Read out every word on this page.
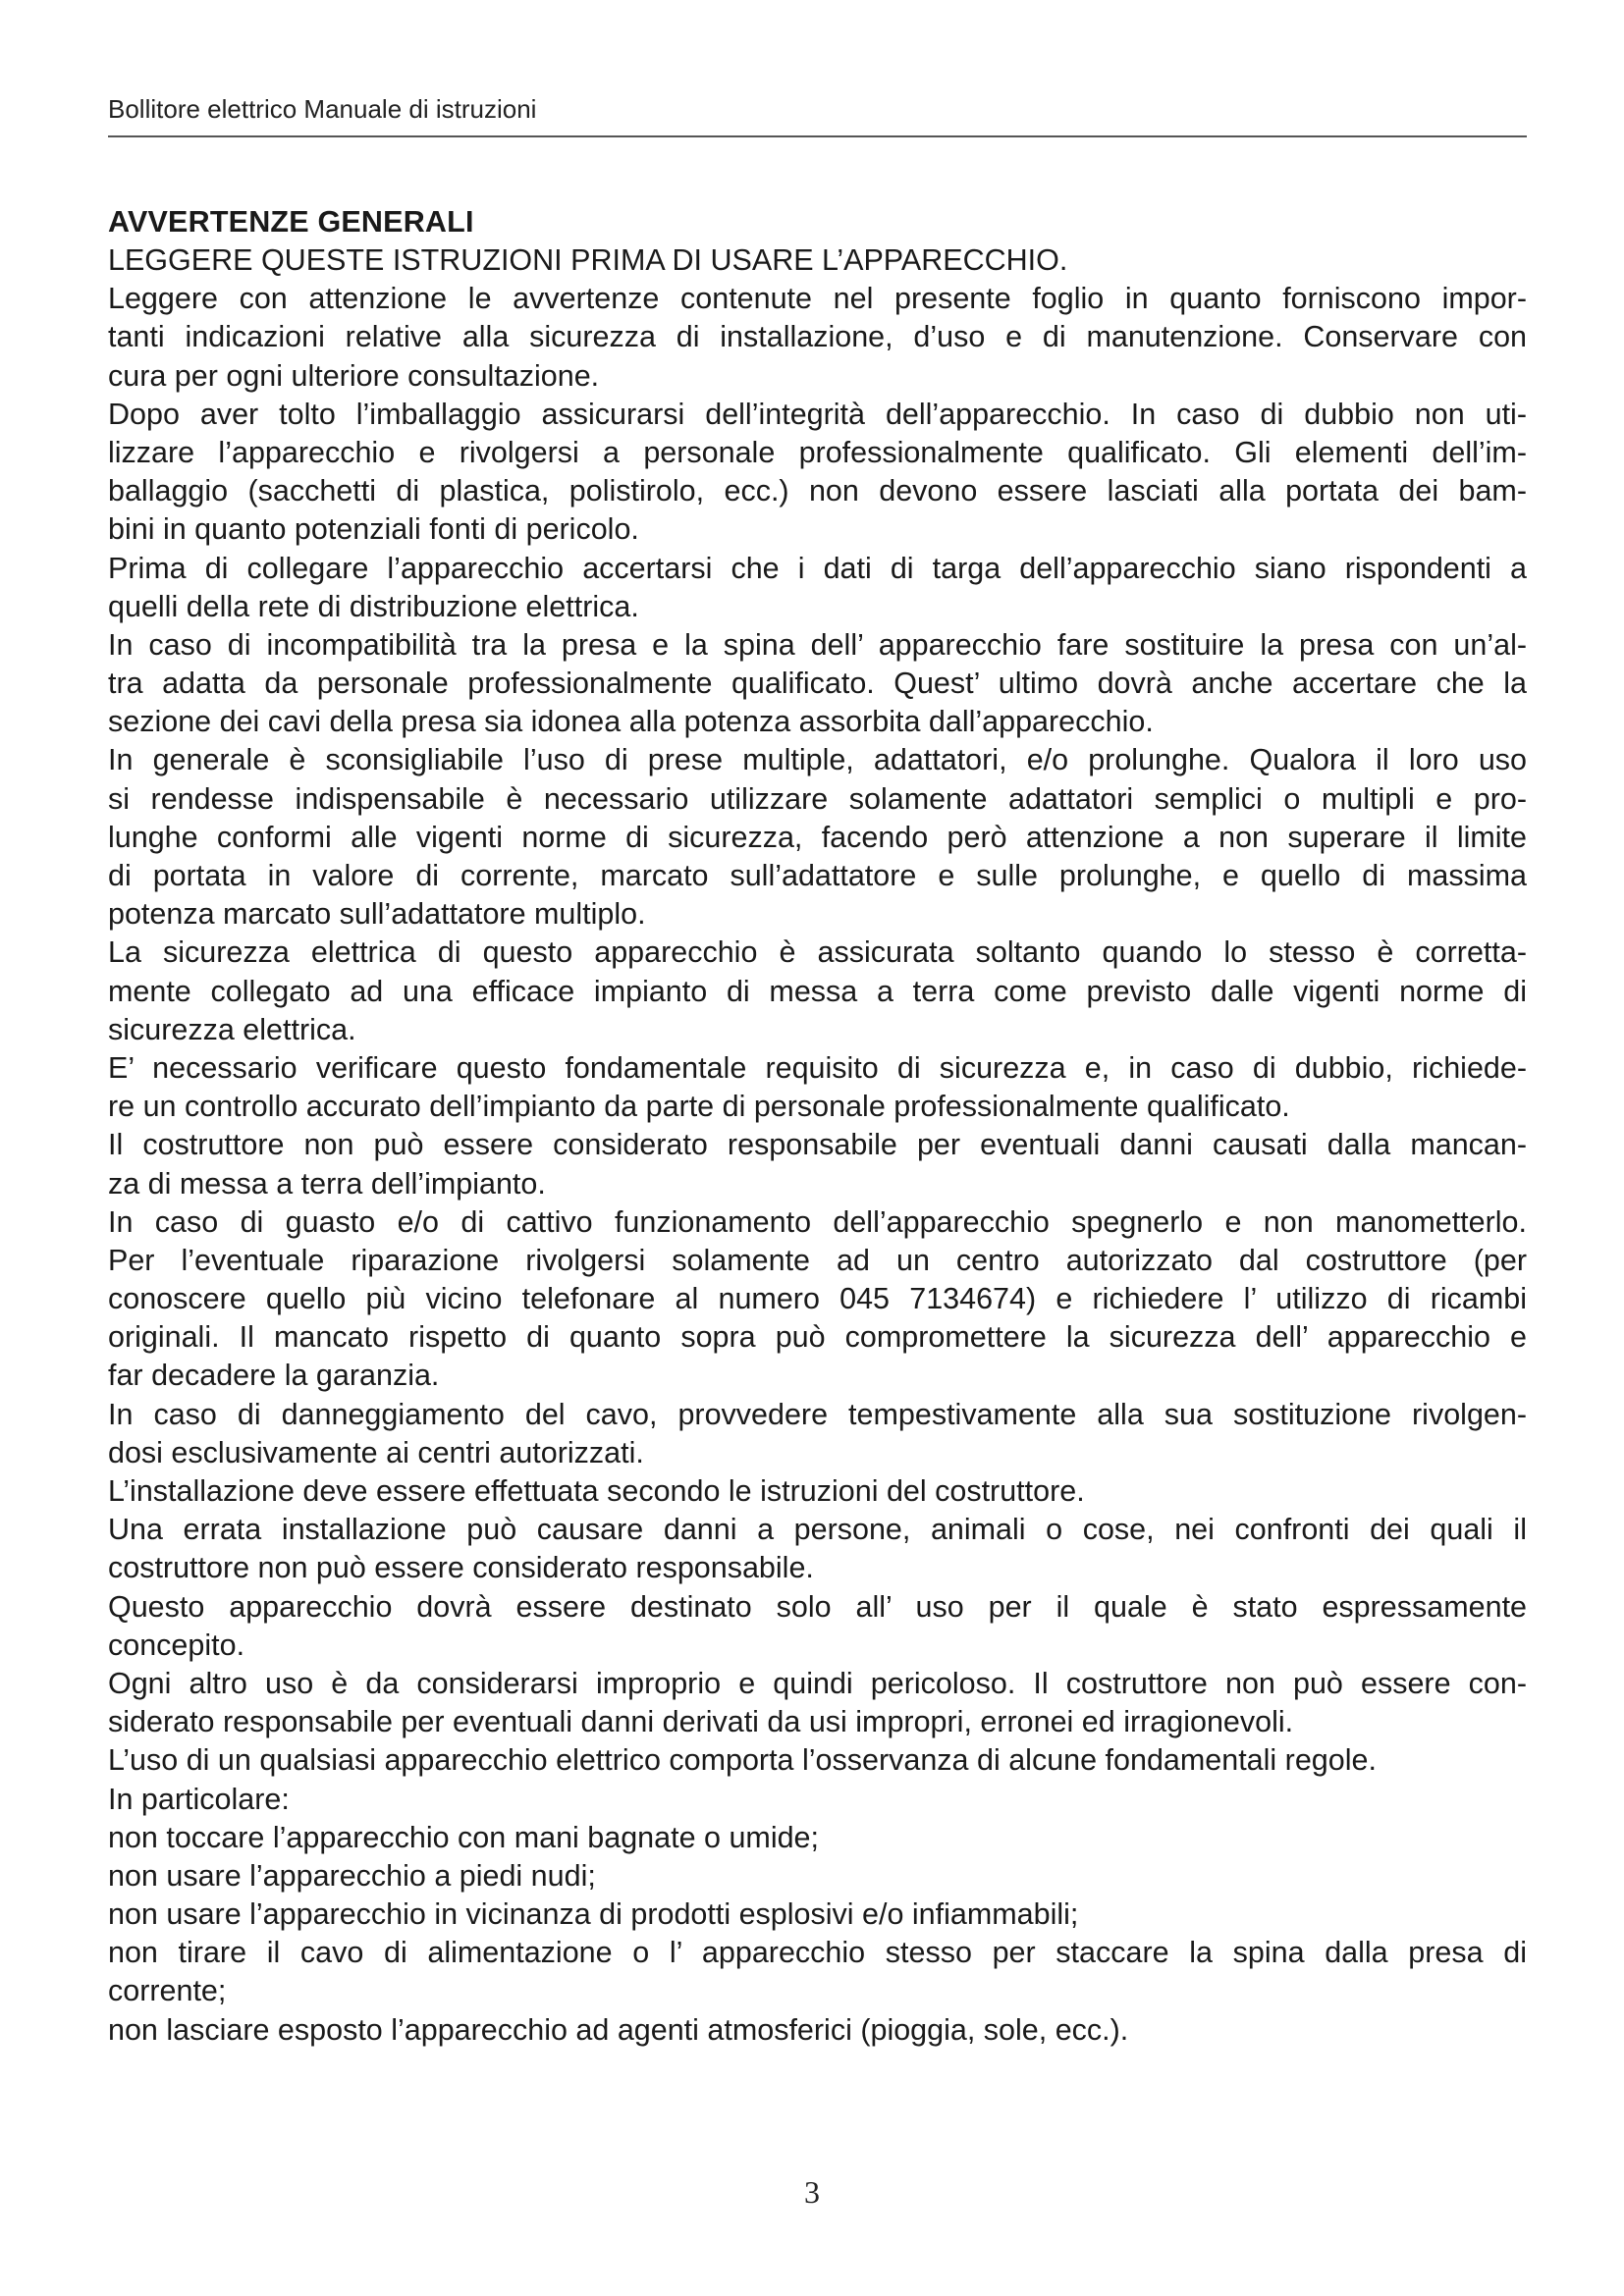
Bollitore elettrico Manuale di istruzioni
AVVERTENZE GENERALI
LEGGERE QUESTE ISTRUZIONI PRIMA DI USARE L’APPARECCHIO.
Leggere con attenzione le avvertenze contenute nel presente foglio in quanto forniscono impor-
tanti indicazioni relative alla sicurezza di installazione, d’uso e di manutenzione. Conservare con
cura per ogni ulteriore consultazione.
Dopo aver tolto l’imballaggio assicurarsi dell’integrità dell’apparecchio. In caso di dubbio non uti-
lizzare l’apparecchio e rivolgersi a personale professionalmente qualificato. Gli elementi dell’im-
ballaggio (sacchetti di plastica, polistirolo, ecc.) non devono essere lasciati alla portata dei bam-
bini in quanto potenziali fonti di pericolo.
Prima di collegare l’apparecchio accertarsi che i dati di targa dell’apparecchio siano rispondenti a
quelli della rete di distribuzione elettrica.
In caso di incompatibilità tra la presa e la spina dell’ apparecchio fare sostituire la presa con un’al-
tra adatta da personale professionalmente qualificato. Quest’ ultimo dovrà anche accertare che la
sezione dei cavi della presa sia idonea alla potenza assorbita dall’apparecchio.
In generale è sconsigliabile l’uso di prese multiple, adattatori, e/o prolunghe. Qualora il loro uso
si rendesse indispensabile è necessario utilizzare solamente adattatori semplici o multipli e pro-
lunghe conformi alle vigenti norme di sicurezza, facendo però attenzione a non superare il limite
di portata in valore di corrente, marcato sull’adattatore e sulle prolunghe, e quello di massima
potenza marcato sull’adattatore multiplo.
La sicurezza elettrica di questo apparecchio è assicurata soltanto quando lo stesso è corretta-
mente collegato ad una efficace impianto di messa a terra come previsto dalle vigenti norme di
sicurezza elettrica.
E’ necessario verificare questo fondamentale requisito di sicurezza e, in caso di dubbio, richiede-
re un controllo accurato dell’impianto da parte di personale professionalmente qualificato.
Il costruttore non può essere considerato responsabile per eventuali danni causati dalla mancan-
za di messa a terra dell’impianto.
In caso di guasto e/o di cattivo funzionamento dell’apparecchio spegnerlo e non manometterlo.
Per l’eventuale riparazione rivolgersi solamente ad un centro autorizzato dal costruttore (per
conoscere quello più vicino telefonare al numero 045 7134674) e richiedere l’ utilizzo di ricambi
originali. Il mancato rispetto di quanto sopra può compromettere la sicurezza dell’ apparecchio e
far decadere la garanzia.
In caso di danneggiamento del cavo, provvedere tempestivamente alla sua sostituzione rivolgen-
dosi esclusivamente ai centri autorizzati.
L’installazione deve essere effettuata secondo le istruzioni del costruttore.
Una errata installazione può causare danni a persone, animali o cose, nei confronti dei quali il
costruttore non può essere considerato responsabile.
Questo apparecchio dovrà essere destinato solo all’ uso per il quale è stato espressamente
concepito.
Ogni altro uso è da considerarsi improprio e quindi pericoloso. Il costruttore non può essere con-
siderato responsabile per eventuali danni derivati da usi impropri, erronei ed irragionevoli.
L’uso di un qualsiasi apparecchio elettrico comporta l’osservanza di alcune fondamentali regole.
In particolare:
non toccare l’apparecchio con mani bagnate o umide;
non usare l’apparecchio a piedi nudi;
non usare l’apparecchio in vicinanza di prodotti esplosivi e/o infiammabili;
non tirare il cavo di alimentazione o l’ apparecchio stesso per staccare la spina dalla presa di
corrente;
non lasciare esposto l’apparecchio ad agenti atmosferici (pioggia, sole, ecc.).
3
